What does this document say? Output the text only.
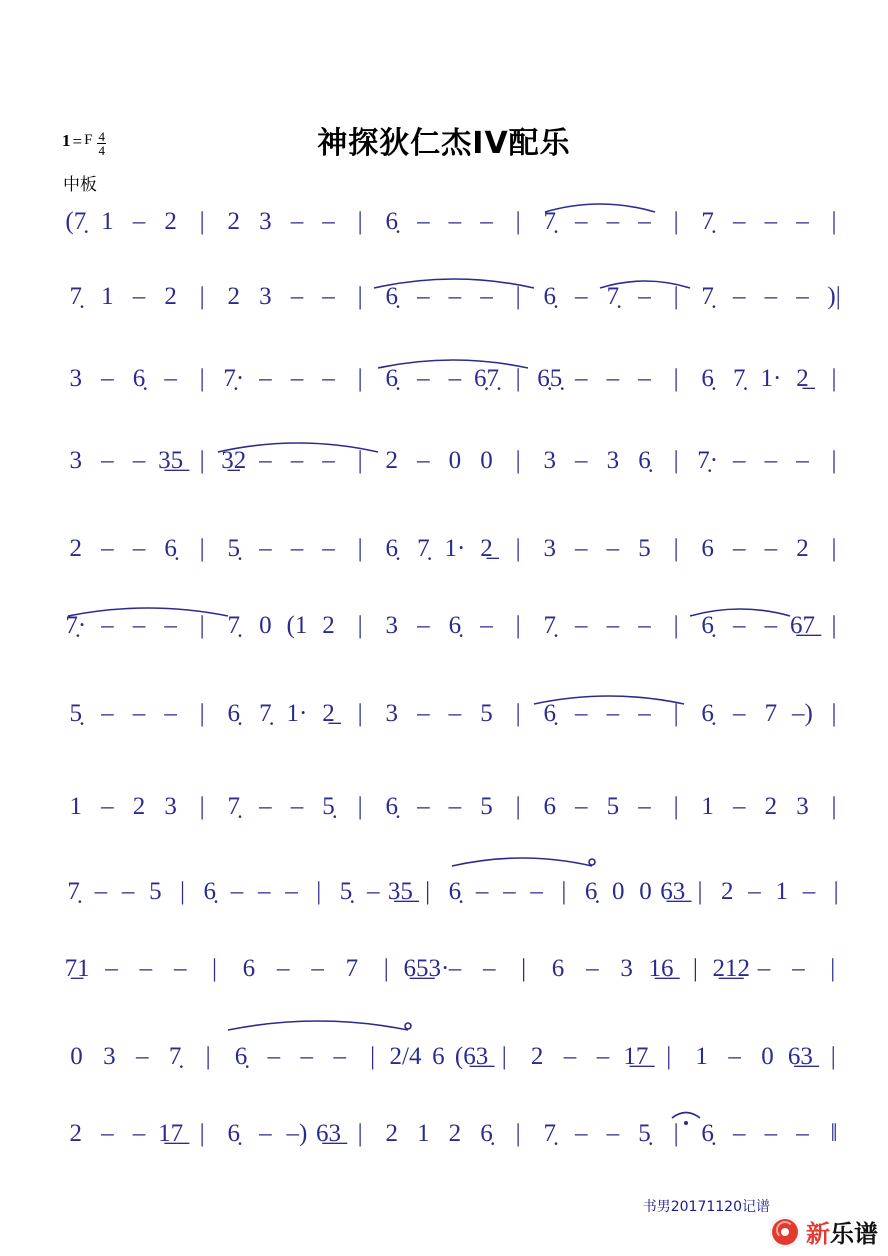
1 = F $\frac{4}{4}$
中板
神探狄仁杰IV配乐
(7̣ 1 – 2 | 2 3 – – | 6̣ – – – | 7̣ – – – | 7̣ – – – |
7̣ 1 – 2 | 2 3 – – | 6̣ – – – | 6̣ – 7̣ – | 7̣ – – – )|
3 – 6̣ – | 7̣· – – – | 6̣ – – 6̣7̣ | 6̣5̣ – – – | 6̣ 7̣ 1· 2̲ |
3 – – 3̲5̲ | 3̲2 – – – | 2 – 0 0 | 3 – 3 6̣ | 7̣· – – – |
2 – – 6̣ | 5̣ – – – | 6̣ 7̣ 1· 2̲ | 3 – – 5 | 6 – – 2 |
7̣· – – – | 7̣ 0 (1 2 | 3 – 6̣ – | 7̣ – – – | 6̣ – – 6̲7̲ |
5̣ – – – | 6̣ 7̣ 1· 2̲ | 3 – – 5 | 6̣ – – – | 6̣ – 7 –) |
1 – 2 3 | 7̣ – – 5̣ | 6̣ – – 5 | 6 – 5 – | 1 – 2 3 |
7̣ – – 5 | 6̣ – – – | 5̣ – 3̲5̲ | 6̣ – – – | 6̣ 0 0 6̲3̲ | 2 – 1 – |
7̲1 – – – | 6 – – 7 | 6̲5̲3·– – | 6 – 3 1̲6̲ | 2̲1̲2 – – |
0 3 – 7̣ | 6̣ – – – | 2/4 6 (6̲3̲ | 2 – – 1̲7̲ | 1 – 0 6̲3̲ |
2 – – 1̲7̲ | 6̣ – –) 6̲3̲ | 2 1 2 6̣ | 7̣ – – 5̣ | 6̣ – – – ‖
书男20171120记谱
新乐谱
